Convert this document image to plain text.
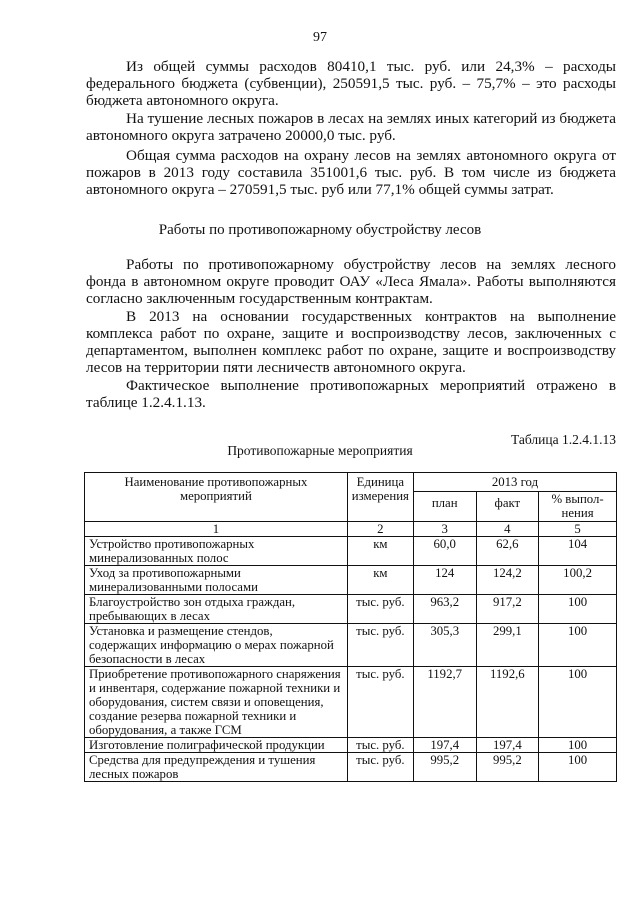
97

Из общей суммы расходов 80410,1 тыс. руб. или 24,3% – расходы федерального бюджета (субвенции), 250591,5 тыс. руб. – 75,7% – это расходы бюджета автономного округа.

На тушение лесных пожаров в лесах на землях иных категорий из бюджета автономного округа затрачено 20000,0 тыс. руб.

Общая сумма расходов на охрану лесов на землях автономного округа от пожаров в 2013 году составила 351001,6 тыс. руб. В том числе из бюджета автономного округа – 270591,5 тыс. руб или 77,1% общей суммы затрат.

Работы по противопожарному обустройству лесов

Работы по противопожарному обустройству лесов на землях лесного фонда в автономном округе проводит ОАУ «Леса Ямала». Работы выполняются согласно заключенным государственным контрактам.

В 2013 на основании государственных контрактов на выполнение комплекса работ по охране, защите и воспроизводству лесов, заключенных с департаментом, выполнен комплекс работ по охране, защите и воспроизводству лесов на территории пяти лесничеств автономного округа.

Фактическое выполнение противопожарных мероприятий отражено в таблице 1.2.4.1.13.

Таблица 1.2.4.1.13
Противопожарные мероприятия
Наименование противопожарных мероприятий	Единица измерения	2013 год		
		план	факт	% выпол-нения
1	2	3	4	5
Устройство противопожарных минерализованных полос	км	60,0	62,6	104
Уход за противопожарными минерализованными полосами	км	124	124,2	100,2
Благоустройство зон отдыха граждан, пребывающих в лесах	тыс. руб.	963,2	917,2	100
Установка и размещение стендов, содержащих информацию о мерах пожарной безопасности в лесах	тыс. руб.	305,3	299,1	100
Приобретение противопожарного снаряжения и инвентаря, содержание пожарной техники и оборудования, систем связи и оповещения, создание резерва пожарной техники и оборудования, а также ГСМ	тыс. руб.	1192,7	1192,6	100
Изготовление полиграфической продукции	тыс. руб.	197,4	197,4	100
Средства для предупреждения и тушения лесных пожаров	тыс. руб.	995,2	995,2	100
